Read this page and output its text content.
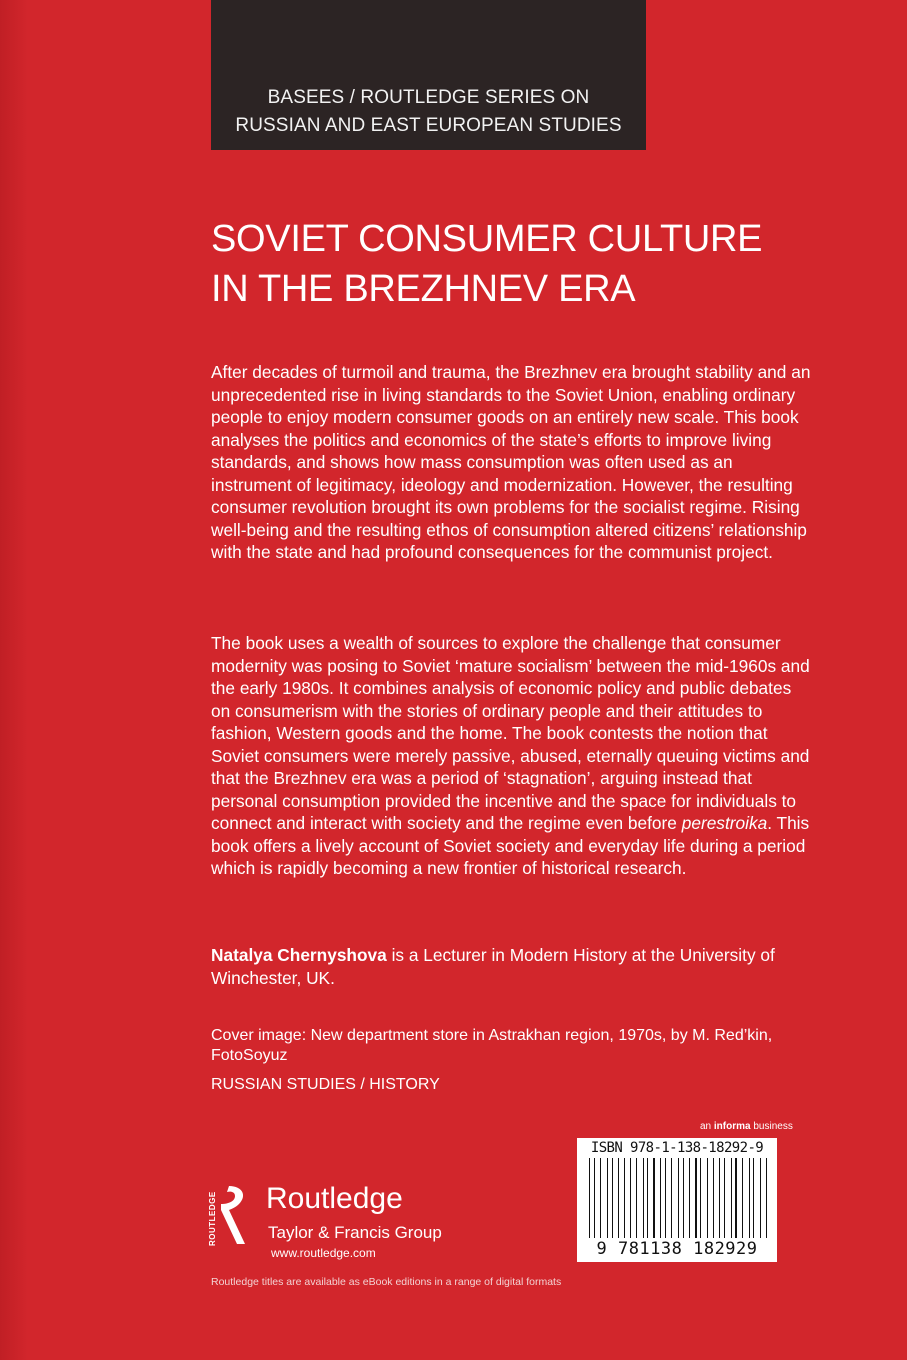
BASEES / ROUTLEDGE SERIES ON
RUSSIAN AND EAST EUROPEAN STUDIES
SOVIET CONSUMER CULTURE
IN THE BREZHNEV ERA

After decades of turmoil and trauma, the Brezhnev era brought stability and an unprecedented rise in living standards to the Soviet Union, enabling ordinary people to enjoy modern consumer goods on an entirely new scale. This book analyses the politics and economics of the state’s efforts to improve living standards, and shows how mass consumption was often used as an instrument of legitimacy, ideology and modernization. However, the resulting consumer revolution brought its own problems for the socialist regime. Rising well-being and the resulting ethos of consumption altered citizens’ relationship with the state and had profound consequences for the communist project.

The book uses a wealth of sources to explore the challenge that consumer modernity was posing to Soviet ‘mature socialism’ between the mid-1960s and the early 1980s. It combines analysis of economic policy and public debates on consumerism with the stories of ordinary people and their attitudes to fashion, Western goods and the home. The book contests the notion that Soviet consumers were merely passive, abused, eternally queuing victims and that the Brezhnev era was a period of ‘stagnation’, arguing instead that personal consumption provided the incentive and the space for individuals to connect and interact with society and the regime even before perestroika. This book offers a lively account of Soviet society and everyday life during a period which is rapidly becoming a new frontier of historical research.

Natalya Chernyshova is a Lecturer in Modern History at the University of Winchester, UK.

Cover image: New department store in Astrakhan region, 1970s, by M. Red’kin, FotoSoyuz

RUSSIAN STUDIES / HISTORY

an informa business
ISBN 978-1-138-18292-9
9 781138 182929
ROUTLEDGE Routledge
Taylor & Francis Group
www.routledge.com
Routledge titles are available as eBook editions in a range of digital formats
